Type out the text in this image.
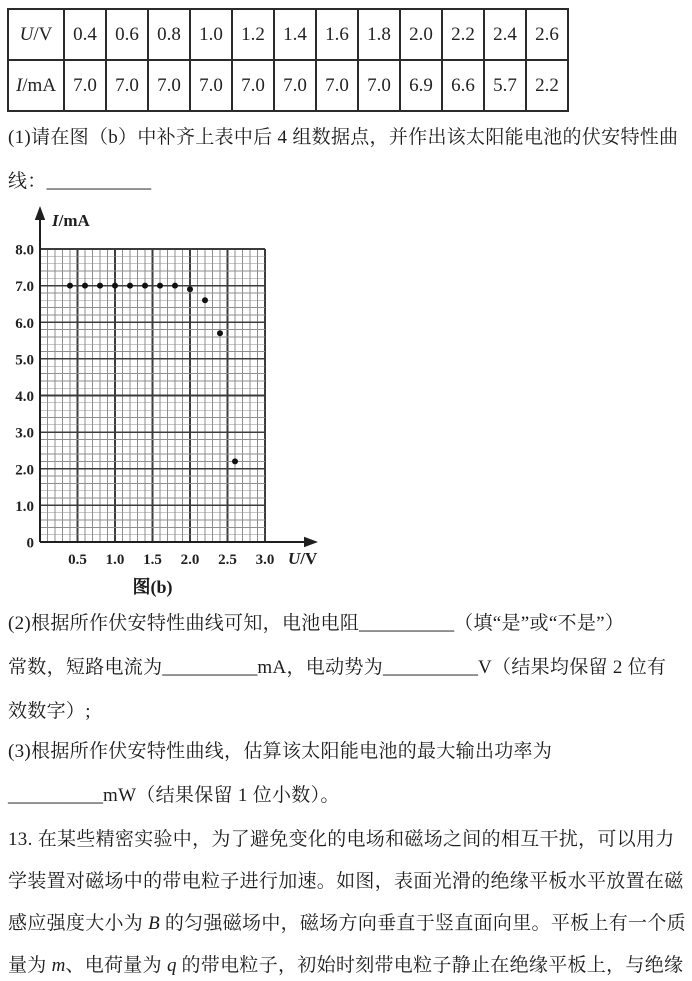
U/V	0.4	0.6	0.8	1.0	1.2	1.4	1.6	1.8	2.0	2.2	2.4	2.6
I/mA	7.0	7.0	7.0	7.0	7.0	7.0	7.0	7.0	6.9	6.6	5.7	2.2
(1)请在图（b）中补齐上表中后 4 组数据点，并作出该太阳能电池的伏安特性曲
线：___________
0
1.0
2.0
3.0
4.0
5.0
6.0
7.0
8.0
0.5 1.0 1.5 2.0 2.5 3.0
I/mA
U/V
图(b)
(2)根据所作伏安特性曲线可知，电池电阻__________（填“是”或“不是”）
常数，短路电流为__________mA，电动势为__________V（结果均保留 2 位有
效数字）;
(3)根据所作伏安特性曲线，估算该太阳能电池的最大输出功率为
__________mW（结果保留 1 位小数）。
13. 在某些精密实验中，为了避免变化的电场和磁场之间的相互干扰，可以用力
学装置对磁场中的带电粒子进行加速。如图，表面光滑的绝缘平板水平放置在磁
感应强度大小为 B 的匀强磁场中，磁场方向垂直于竖直面向里。平板上有一个质
量为 m、电荷量为 q 的带电粒子，初始时刻带电粒子静止在绝缘平板上，与绝缘
